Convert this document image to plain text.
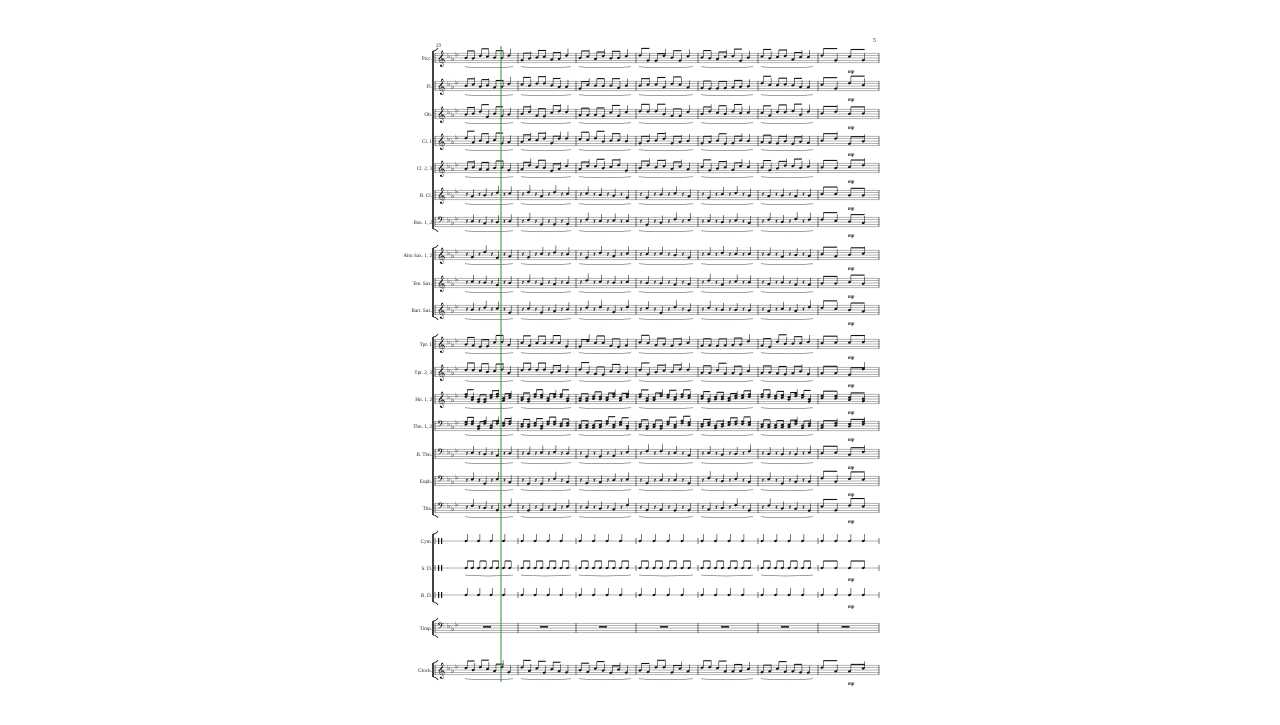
5
29
Picc. 𝄞 ♭ ♭
♭
mp
Fl. 𝄞 ♭ ♭
♭
mp
Ob. 𝄞 ♭ ♭
♭
mp
Cl. 1 𝄞 ♭ ♭
♭
mp
Cl. 2, 3 𝄞 ♭ ♭
♭
mp
B. Cl. 𝄞 ♭ ♭
♭
mp
Bsn. 1, 2 𝄢 ♭ ♭
♭
mp
Alto Sax. 1, 2 𝄞 ♭ ♭
♭
mp
Ten. Sax. 𝄞 ♭ ♭
♭
mp
Bari. Sax. 𝄞 ♭ ♭
♭
mp
Tpt. 1 𝄞 ♭ ♭
♭
mp
Tpt. 2, 3 𝄞 ♭ ♭
♭
mp
Hn. 1, 2 𝄞 ♭ ♭
♭
mp
Tbn. 1, 2 𝄢 ♭ ♭
♭
mp
B. Tbn. 𝄢 ♭ ♭
♭
mp
Euph. 𝄢 ♭ ♭
♭
mp
Tba. 𝄢 ♭ ♭
♭
mp
Cym.
S. D.
mp
B. D.
mp
Timp. 𝄢 ♭ ♭
♭
Glock. 𝄞 ♭ ♭
♭
mp
